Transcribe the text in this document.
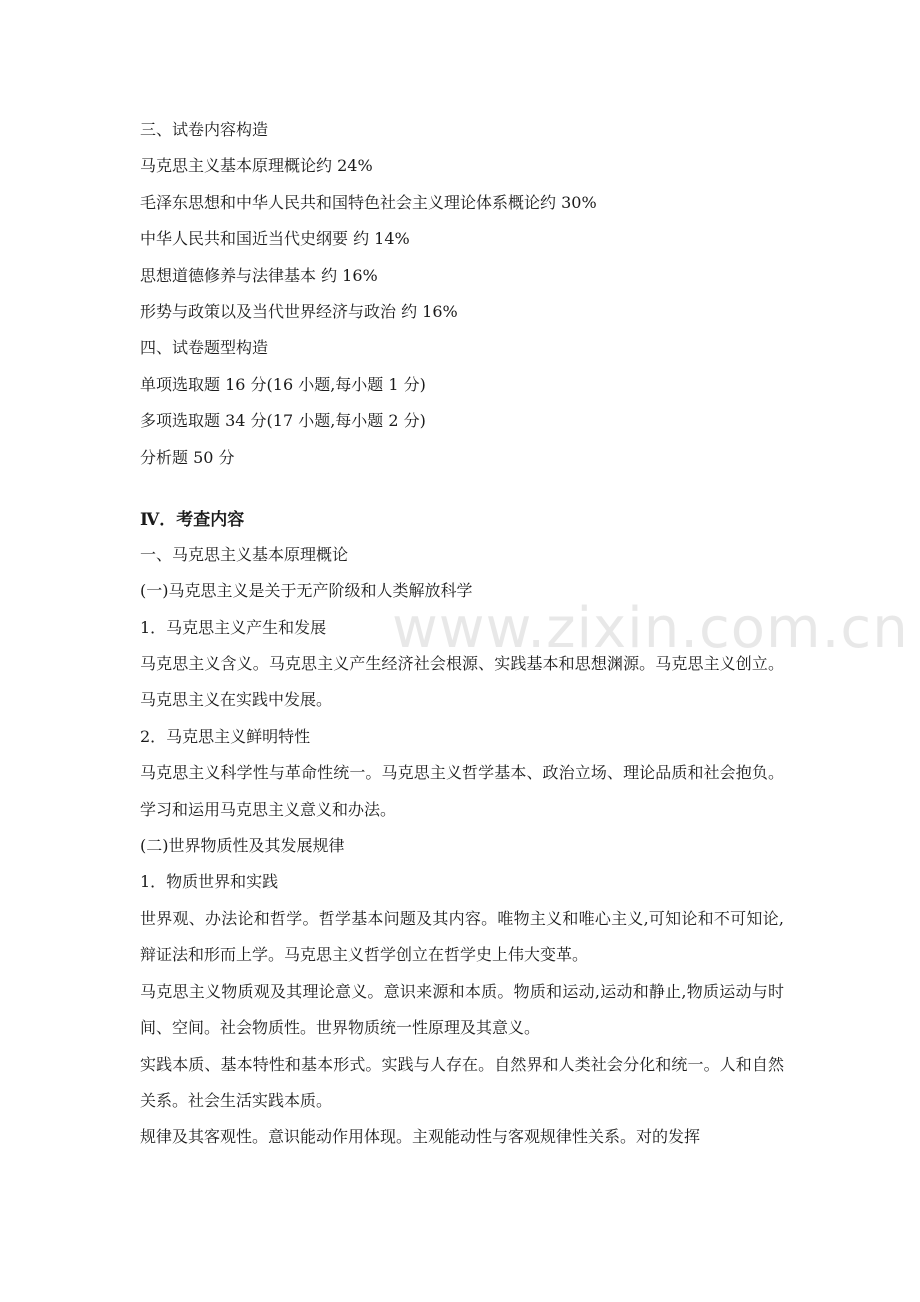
www.zixin.com.cn
三、试卷内容构造
马克思主义基本原理概论约 24%
毛泽东思想和中华人民共和国特色社会主义理论体系概论约 30%
中华人民共和国近当代史纲要 约 14%
思想道德修养与法律基本 约 16%
形势与政策以及当代世界经济与政治 约 16%
四、试卷题型构造
单项选取题 16 分(16 小题,每小题 1 分)
多项选取题 34 分(17 小题,每小题 2 分)
分析题 50 分
Ⅳ．考查内容
一、马克思主义基本原理概论
(一)马克思主义是关于无产阶级和人类解放科学
1．马克思主义产生和发展
马克思主义含义。马克思主义产生经济社会根源、实践基本和思想渊源。马克思主义创立。马克思主义在实践中发展。
2．马克思主义鲜明特性
马克思主义科学性与革命性统一。马克思主义哲学基本、政治立场、理论品质和社会抱负。学习和运用马克思主义意义和办法。
(二)世界物质性及其发展规律
1．物质世界和实践
世界观、办法论和哲学。哲学基本问题及其内容。唯物主义和唯心主义,可知论和不可知论,辩证法和形而上学。马克思主义哲学创立在哲学史上伟大变革。
马克思主义物质观及其理论意义。意识来源和本质。物质和运动,运动和静止,物质运动与时间、空间。社会物质性。世界物质统一性原理及其意义。
实践本质、基本特性和基本形式。实践与人存在。自然界和人类社会分化和统一。人和自然关系。社会生活实践本质。
规律及其客观性。意识能动作用体现。主观能动性与客观规律性关系。对的发挥
